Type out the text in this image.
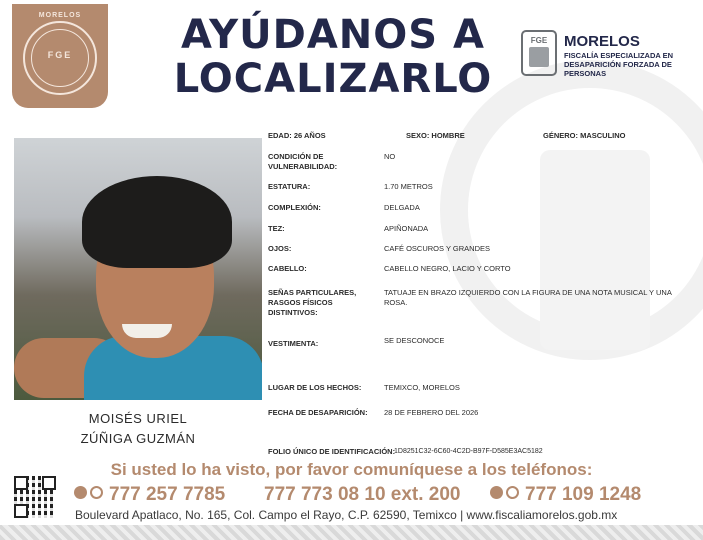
MORELOS
FGE	AYÚDANOS A
LOCALIZARLO
FGE	MORELOS
FISCALÍA ESPECIALIZADA EN DESAPARICIÓN FORZADA DE PERSONAS
MOISÉS URIEL
ZÚÑIGA GUZMÁN
EDAD: 26 AÑOS	SEXO: HOMBRE	GÉNERO: MASCULINO
CONDICIÓN DE VULNERABILIDAD:
NO
ESTATURA:	1.70 METROS
COMPLEXIÓN:	DELGADA
TEZ:	APIÑONADA
OJOS:	CAFÉ OSCUROS Y GRANDES
CABELLO:	CABELLO NEGRO, LACIO Y CORTO
SEÑAS PARTICULARES, RASGOS FÍSICOS DISTINTIVOS:
TATUAJE EN BRAZO IZQUIERDO CON LA FIGURA DE UNA NOTA MUSICAL Y UNA ROSA.
VESTIMENTA:	SE DESCONOCE
LUGAR DE LOS HECHOS:	TEMIXCO, MORELOS
FECHA DE DESAPARICIÓN: 28 DE FEBRERO DEL 2026
FOLIO ÚNICO DE IDENTIFICACIÓN:
1D8251C32-6C60-4C2D-B97F-D585E3AC5182
Si usted lo ha visto, por favor comuníquese a los teléfonos:
777 257 7785 777 773 08 10 ext. 200	777 109 1248
Boulevard Apatlaco, No. 165, Col. Campo el Rayo, C.P. 62590, Temixco | www.fiscaliamorelos.gob.mx
